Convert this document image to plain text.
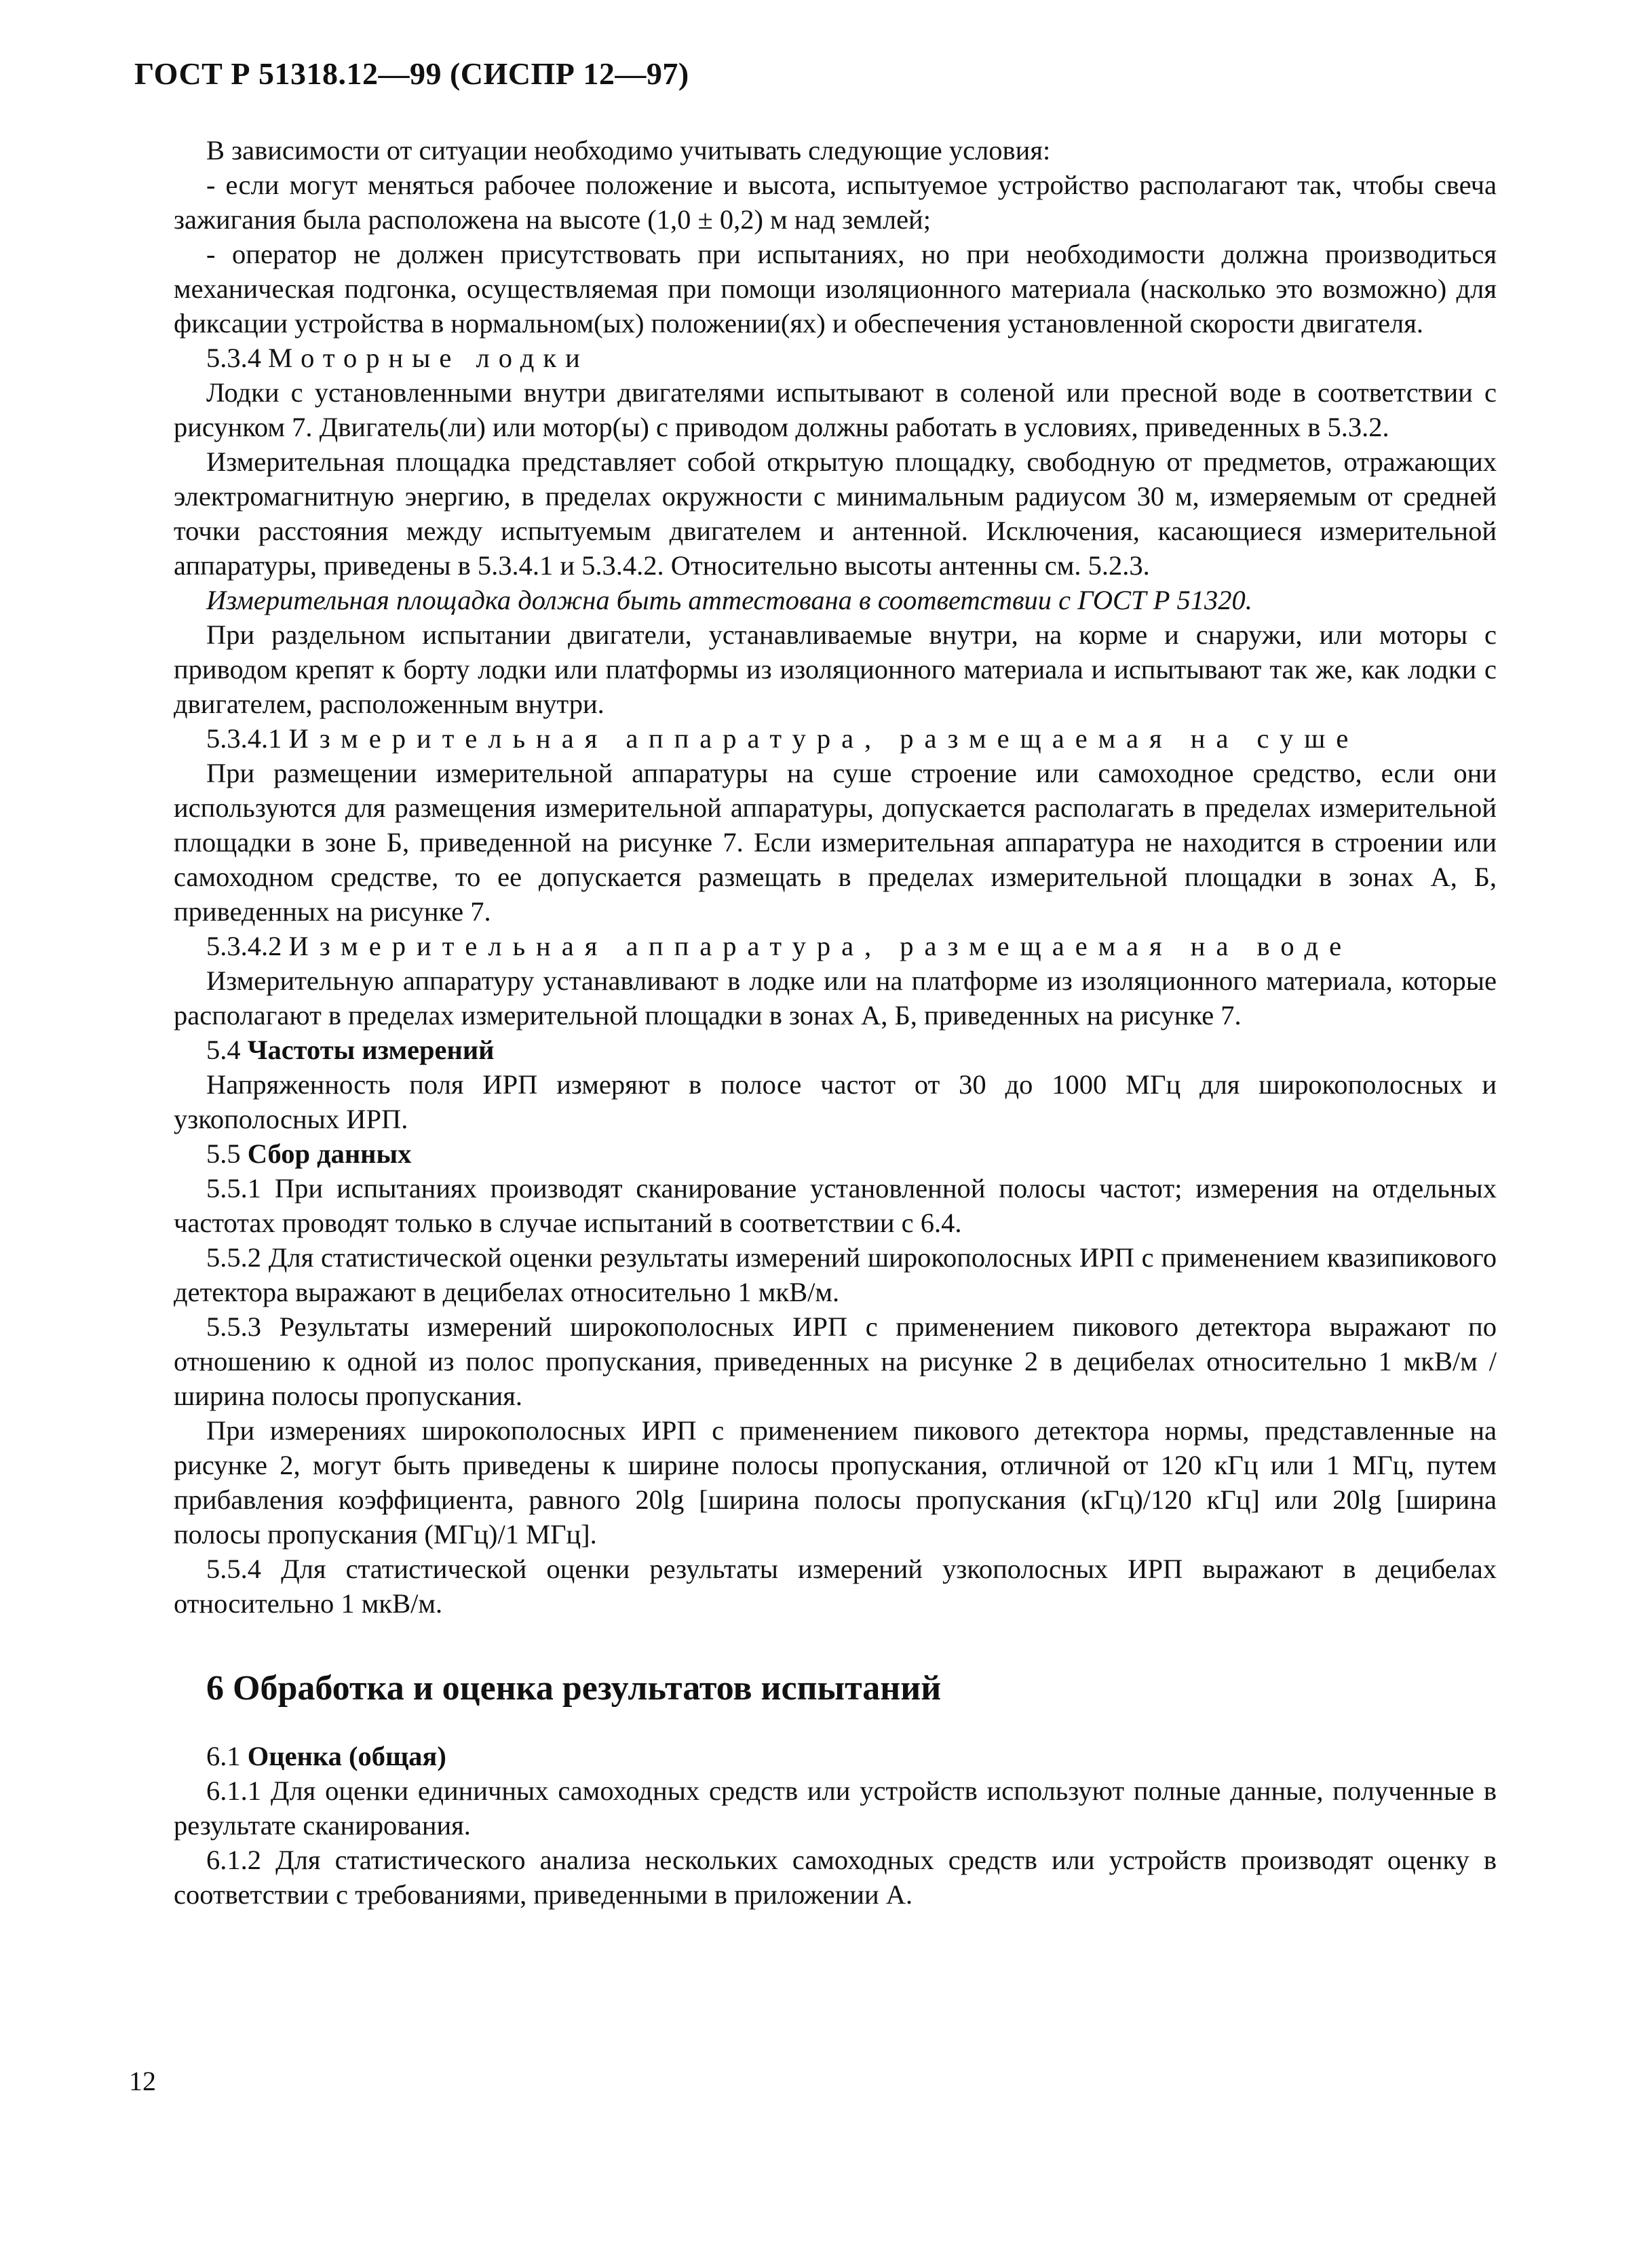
ГОСТ Р 51318.12—99 (СИСПР 12—97)

В зависимости от ситуации необходимо учитывать следующие условия:

- если могут меняться рабочее положение и высота, испытуемое устройство располагают так, чтобы свеча зажигания была расположена на высоте (1,0 ± 0,2) м над землей;

- оператор не должен присутствовать при испытаниях, но при необходимости должна производиться механическая подгонка, осуществляемая при помощи изоляционного материала (насколько это возможно) для фиксации устройства в нормальном(ых) положении(ях) и обеспечения установленной скорости двигателя.

5.3.4 Моторные лодки

Лодки с установленными внутри двигателями испытывают в соленой или пресной воде в соответствии с рисунком 7. Двигатель(ли) или мотор(ы) с приводом должны работать в условиях, приведенных в 5.3.2.

Измерительная площадка представляет собой открытую площадку, свободную от предметов, отражающих электромагнитную энергию, в пределах окружности с минимальным радиусом 30 м, измеряемым от средней точки расстояния между испытуемым двигателем и антенной. Исключения, касающиеся измерительной аппаратуры, приведены в 5.3.4.1 и 5.3.4.2. Относительно высоты антенны см. 5.2.3.

Измерительная площадка должна быть аттестована в соответствии с ГОСТ Р 51320.

При раздельном испытании двигатели, устанавливаемые внутри, на корме и снаружи, или моторы с приводом крепят к борту лодки или платформы из изоляционного материала и испытывают так же, как лодки с двигателем, расположенным внутри.

5.3.4.1 Измерительная аппаратура, размещаемая на суше

При размещении измерительной аппаратуры на суше строение или самоходное средство, если они используются для размещения измерительной аппаратуры, допускается располагать в пределах измерительной площадки в зоне Б, приведенной на рисунке 7. Если измерительная аппаратура не находится в строении или самоходном средстве, то ее допускается размещать в пределах измерительной площадки в зонах А, Б, приведенных на рисунке 7.

5.3.4.2 Измерительная аппаратура, размещаемая на воде

Измерительную аппаратуру устанавливают в лодке или на платформе из изоляционного материала, которые располагают в пределах измерительной площадки в зонах А, Б, приведенных на рисунке 7.

5.4 Частоты измерений

Напряженность поля ИРП измеряют в полосе частот от 30 до 1000 МГц для широкополосных и узкополосных ИРП.

5.5 Сбор данных

5.5.1 При испытаниях производят сканирование установленной полосы частот; измерения на отдельных частотах проводят только в случае испытаний в соответствии с 6.4.

5.5.2 Для статистической оценки результаты измерений широкополосных ИРП с применением квазипикового детектора выражают в децибелах относительно 1 мкВ/м.

5.5.3 Результаты измерений широкополосных ИРП с применением пикового детектора выражают по отношению к одной из полос пропускания, приведенных на рисунке 2 в децибелах относительно 1 мкВ/м / ширина полосы пропускания.

При измерениях широкополосных ИРП с применением пикового детектора нормы, представленные на рисунке 2, могут быть приведены к ширине полосы пропускания, отличной от 120 кГц или 1 МГц, путем прибавления коэффициента, равного 20lg [ширина полосы пропускания (кГц)/120 кГц] или 20lg [ширина полосы пропускания (МГц)/1 МГц].

5.5.4 Для статистической оценки результаты измерений узкополосных ИРП выражают в децибелах относительно 1 мкВ/м.

6 Обработка и оценка результатов испытаний

6.1 Оценка (общая)

6.1.1 Для оценки единичных самоходных средств или устройств используют полные данные, полученные в результате сканирования.

6.1.2 Для статистического анализа нескольких самоходных средств или устройств производят оценку в соответствии с требованиями, приведенными в приложении А.

12
